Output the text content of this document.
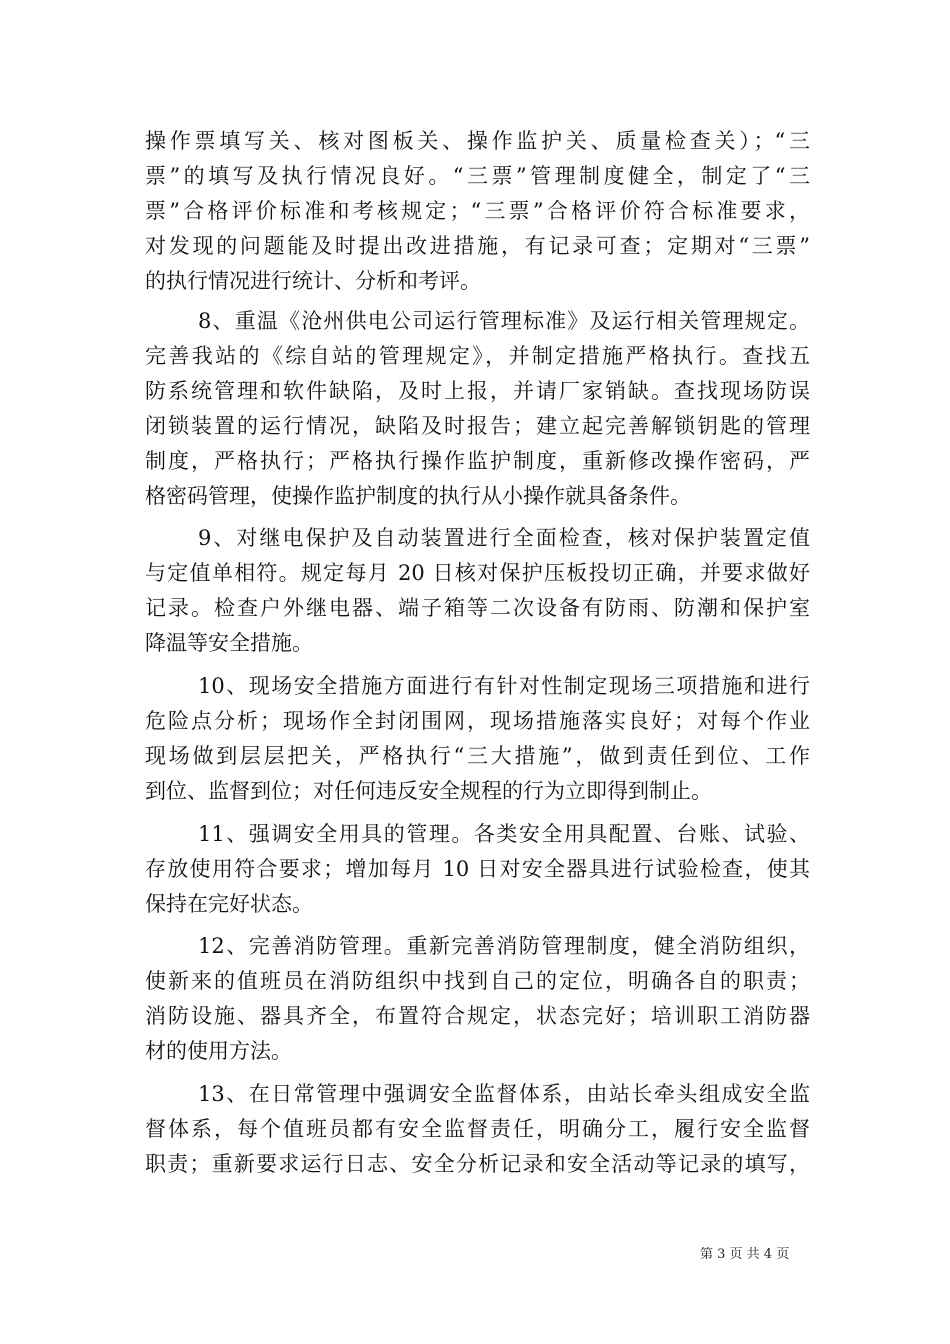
操作票填写关、核对图板关、操作监护关、质量检查关）；“三
票”的填写及执行情况良好。“三票”管理制度健全，制定了“三
票”合格评价标准和考核规定；“三票”合格评价符合标准要求，
对发现的问题能及时提出改进措施，有记录可查；定期对“三票”
的执行情况进行统计、分析和考评。
8、重温《沧州供电公司运行管理标准》及运行相关管理规定。
完善我站的《综自站的管理规定》，并制定措施严格执行。查找五
防系统管理和软件缺陷，及时上报，并请厂家销缺。查找现场防误
闭锁装置的运行情况，缺陷及时报告；建立起完善解锁钥匙的管理
制度，严格执行；严格执行操作监护制度，重新修改操作密码，严
格密码管理，使操作监护制度的执行从小操作就具备条件。
9、对继电保护及自动装置进行全面检查，核对保护装置定值
与定值单相符。规定每月 20 日核对保护压板投切正确，并要求做好
记录。检查户外继电器、端子箱等二次设备有防雨、防潮和保护室
降温等安全措施。
10、现场安全措施方面进行有针对性制定现场三项措施和进行
危险点分析；现场作全封闭围网，现场措施落实良好；对每个作业
现场做到层层把关，严格执行“三大措施”，做到责任到位、工作
到位、监督到位；对任何违反安全规程的行为立即得到制止。
11、强调安全用具的管理。各类安全用具配置、台账、试验、
存放使用符合要求；增加每月 10 日对安全器具进行试验检查，使其
保持在完好状态。
12、完善消防管理。重新完善消防管理制度，健全消防组织，
使新来的值班员在消防组织中找到自己的定位，明确各自的职责；
消防设施、器具齐全，布置符合规定，状态完好；培训职工消防器
材的使用方法。
13、在日常管理中强调安全监督体系，由站长牵头组成安全监
督体系，每个值班员都有安全监督责任，明确分工，履行安全监督
职责；重新要求运行日志、安全分析记录和安全活动等记录的填写，
第 3 页 共 4 页
